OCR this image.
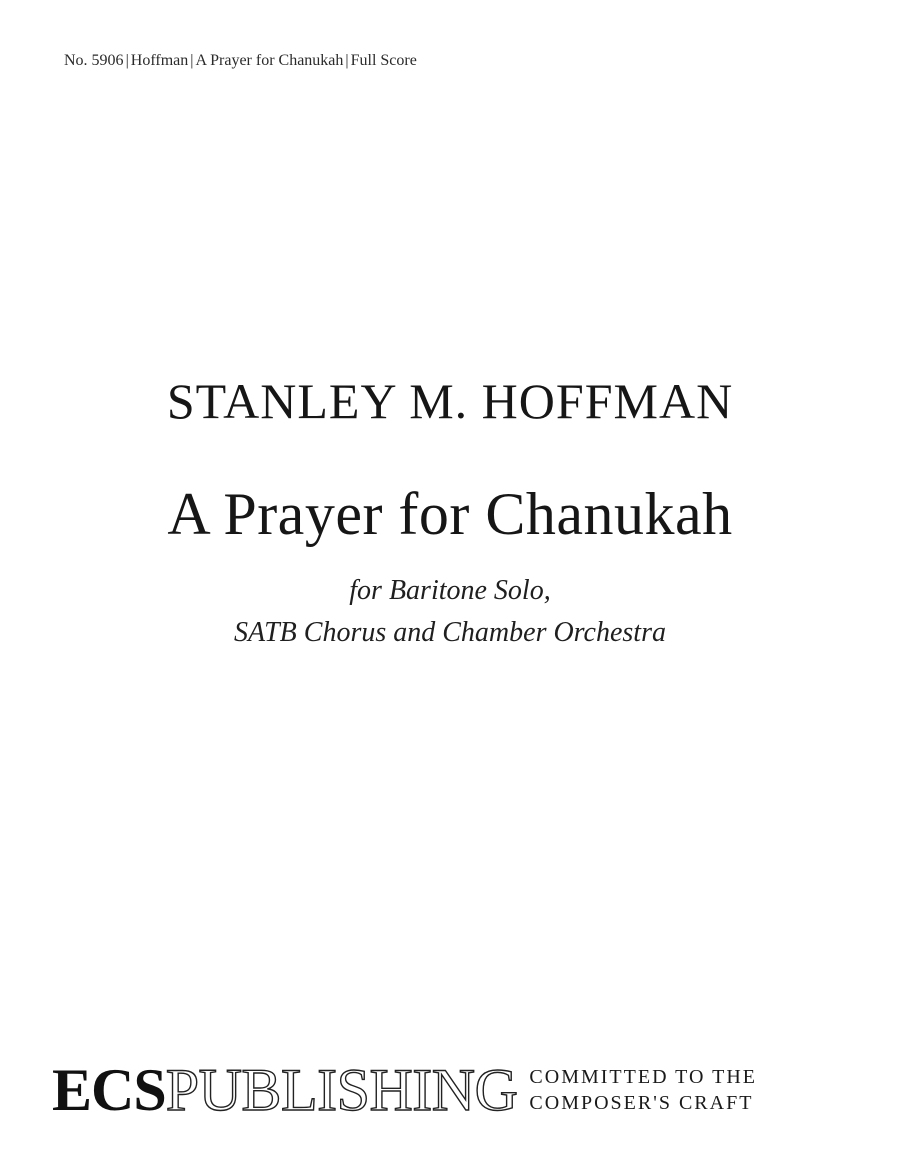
No. 5906 | Hoffman | A Prayer for Chanukah | Full Score
STANLEY M. HOFFMAN
A Prayer for Chanukah
for Baritone Solo,
SATB Chorus and Chamber Orchestra
ECS PUBLISHING COMMITTED TO THE
COMPOSER'S CRAFT
